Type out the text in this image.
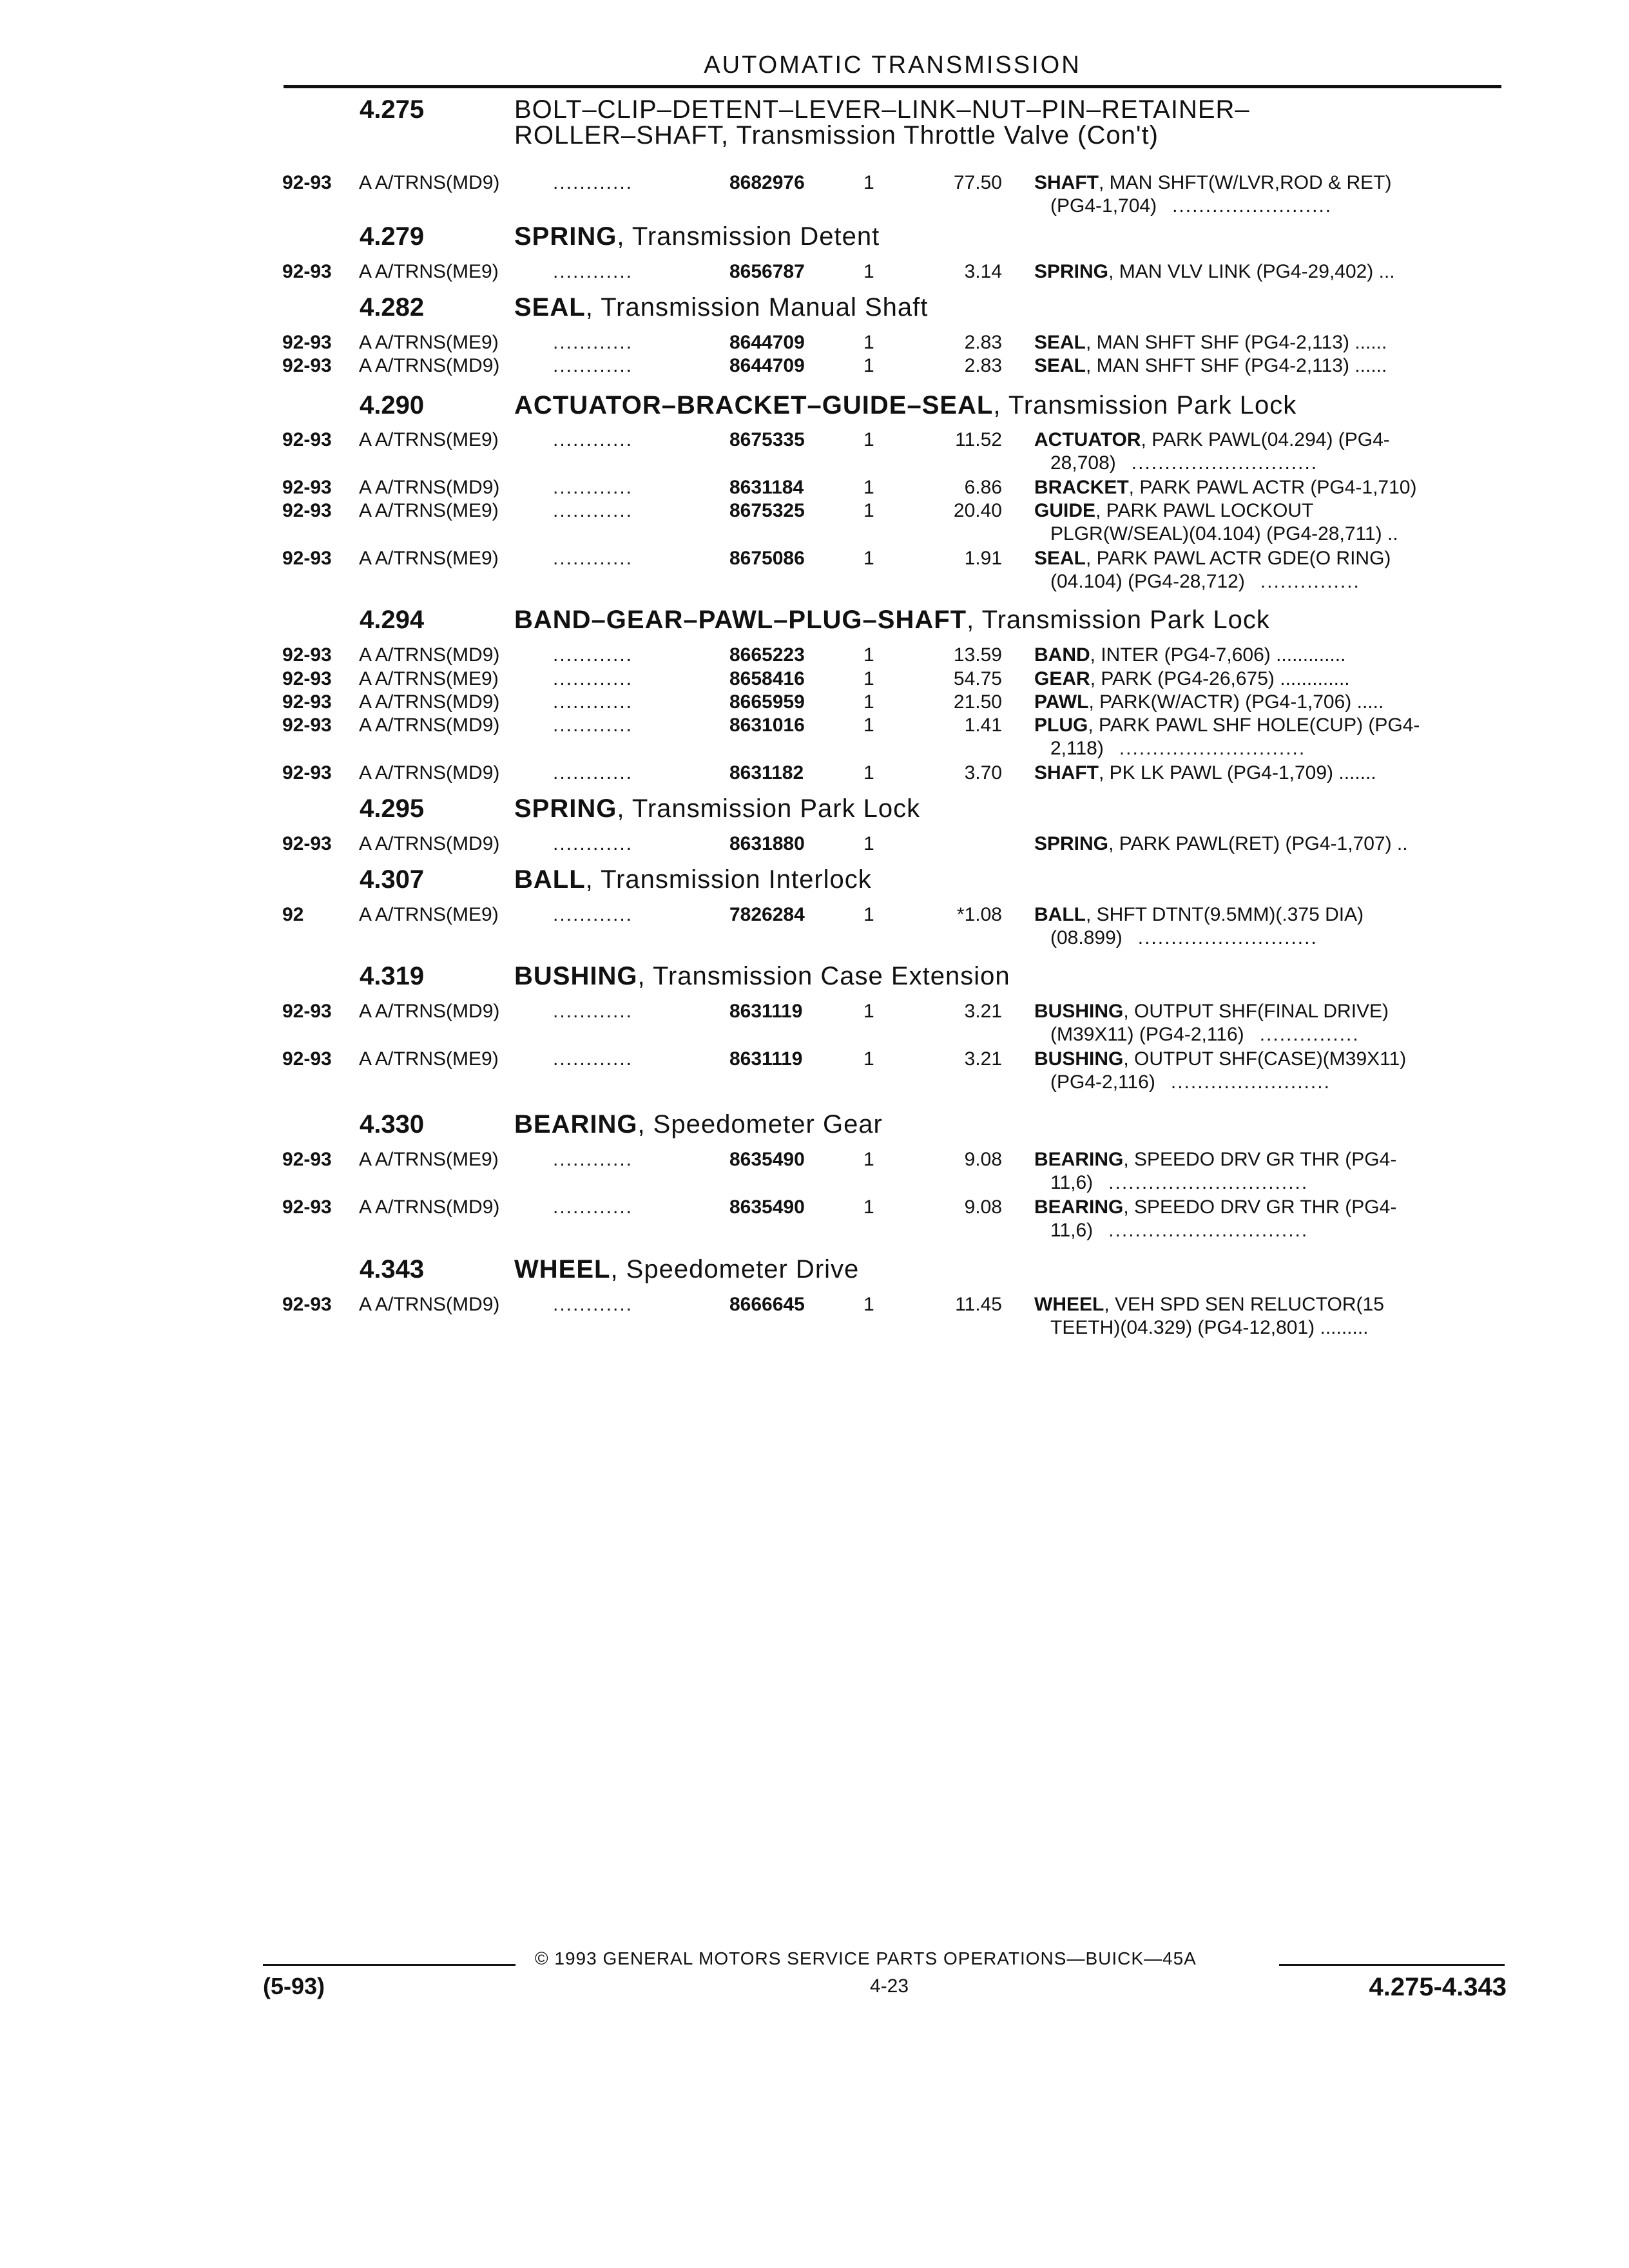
AUTOMATIC TRANSMISSION
4.275	BOLT–CLIP–DETENT–LEVER–LINK–NUT–PIN–RETAINER–
ROLLER–SHAFT, Transmission Throttle Valve (Con't)
92-93 A A/TRNS(MD9)	............	8682976	1	77.50 SHAFT , MAN SHFT(W/LVR,ROD & RET)
(PG4-1,704) ........................
4.279	SPRING, Transmission Detent
92-93 A A/TRNS(ME9)	............	8656787	1	3.14 SPRING , MAN VLV LINK (PG4-29,402) ...
4.282	SEAL, Transmission Manual Shaft
92-93 A A/TRNS(ME9)	............	8644709	1	2.83 SEAL , MAN SHFT SHF (PG4-2,113) ......
92-93 A A/TRNS(MD9)	............	8644709	1	2.83 SEAL , MAN SHFT SHF (PG4-2,113) ......
4.290	ACTUATOR–BRACKET–GUIDE–SEAL, Transmission Park Lock
92-93 A A/TRNS(ME9)	............	8675335	1	11.52 ACTUATOR , PARK PAWL(04.294) (PG4-
28,708) ............................
92-93 A A/TRNS(MD9)	............	8631184	1	6.86 BRACKET , PARK PAWL ACTR (PG4-1,710)
92-93 A A/TRNS(ME9)	............	8675325	1	20.40 GUIDE , PARK PAWL LOCKOUT
PLGR(W/SEAL)(04.104) (PG4-28,711) ..
92-93 A A/TRNS(ME9)	............	8675086	1	1.91 SEAL , PARK PAWL ACTR GDE(O RING)
(04.104) (PG4-28,712) ...............
4.294	BAND–GEAR–PAWL–PLUG–SHAFT, Transmission Park Lock
92-93 A A/TRNS(MD9)	............	8665223	1	13.59 BAND , INTER (PG4-7,606) .............
92-93 A A/TRNS(ME9)	............	8658416	1	54.75 GEAR , PARK (PG4-26,675) .............
92-93 A A/TRNS(MD9)	............	8665959	1	21.50 PAWL , PARK(W/ACTR) (PG4-1,706) .....
92-93 A A/TRNS(MD9)	............	8631016	1	1.41 PLUG , PARK PAWL SHF HOLE(CUP) (PG4-
2,118) ............................
92-93 A A/TRNS(MD9)	............	8631182	1	3.70 SHAFT , PK LK PAWL (PG4-1,709) .......
4.295	SPRING, Transmission Park Lock
92-93 A A/TRNS(MD9)	............	8631880	1	SPRING , PARK PAWL(RET) (PG4-1,707) ..
4.307	BALL, Transmission Interlock
92	A A/TRNS(ME9)	............	7826284	1	*1.08 BALL , SHFT DTNT(9.5MM)(.375 DIA)
(08.899) ...........................
4.319	BUSHING, Transmission Case Extension
92-93 A A/TRNS(MD9)	............	8631119	1	3.21 BUSHING , OUTPUT SHF(FINAL DRIVE)
(M39X11) (PG4-2,116) ...............
92-93 A A/TRNS(ME9)	............	8631119	1	3.21 BUSHING , OUTPUT SHF(CASE)(M39X11)
(PG4-2,116) ........................
4.330	BEARING, Speedometer Gear
92-93 A A/TRNS(ME9)	............	8635490	1	9.08 BEARING , SPEEDO DRV GR THR (PG4-
11,6) ..............................
92-93 A A/TRNS(MD9)	............	8635490	1	9.08 BEARING , SPEEDO DRV GR THR (PG4-
11,6) ..............................
4.343	WHEEL, Speedometer Drive
92-93 A A/TRNS(MD9)	............	8666645	1	11.45 WHEEL , VEH SPD SEN RELUCTOR(15
TEETH)(04.329) (PG4-12,801) .........
© 1993 GENERAL MOTORS SERVICE PARTS OPERATIONS—BUICK—45A
(5-93)	4-23	4.275-4.343
